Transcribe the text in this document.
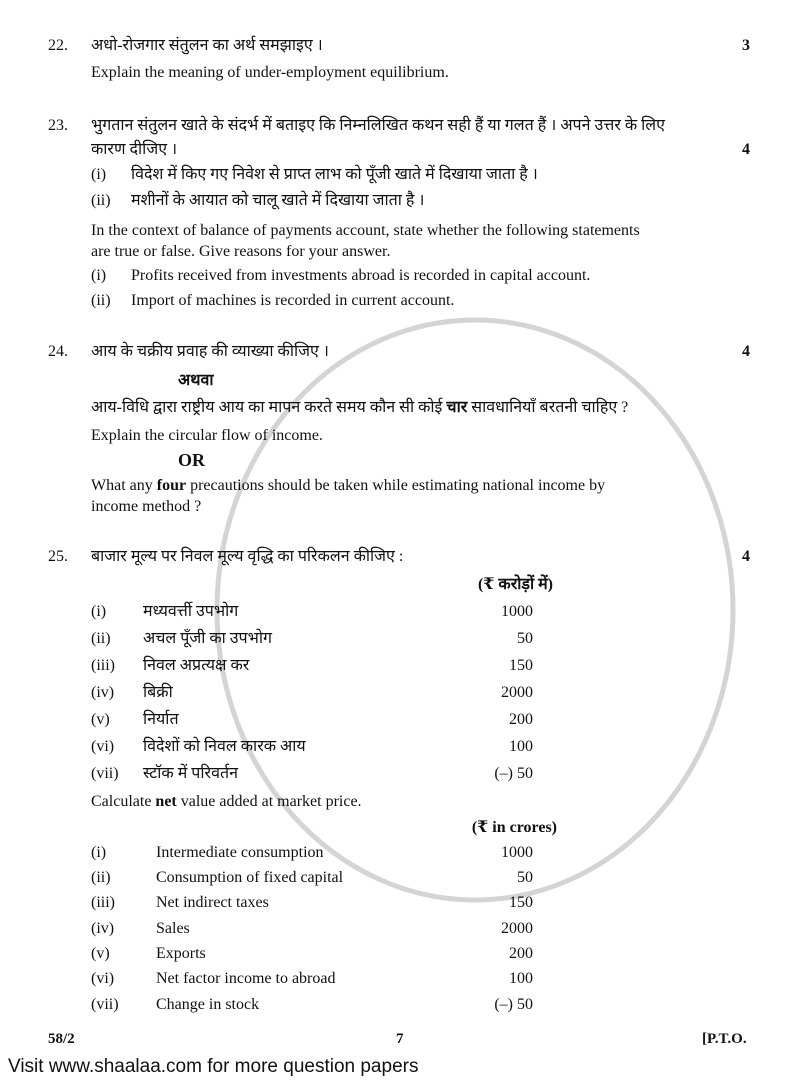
22. अधो-रोजगार संतुलन का अर्थ समझाइए ।	3
Explain the meaning of under-employment equilibrium.
23. भुगतान संतुलन खाते के संदर्भ में बताइए कि निम्नलिखित कथन सही हैं या गलत हैं । अपने उत्तर के लिए
कारण दीजिए ।	4
(i) विदेश में किए गए निवेश से प्राप्त लाभ को पूँजी खाते में दिखाया जाता है ।
(ii) मशीनों के आयात को चालू खाते में दिखाया जाता है ।
In the context of balance of payments account, state whether the following statements
are true or false. Give reasons for your answer.
(i) Profits received from investments abroad is recorded in capital account.
(ii) Import of machines is recorded in current account.
24. आय के चक्रीय प्रवाह की व्याख्या कीजिए ।	4
अथवा
आय-विधि द्वारा राष्ट्रीय आय का मापन करते समय कौन सी कोई चार सावधानियाँ बरतनी चाहिए ?
Explain the circular flow of income.
OR
What any four precautions should be taken while estimating national income by
income method ?
25. बाजार मूल्य पर निवल मूल्य वृद्धि का परिकलन कीजिए :	4
(₹ करोड़ों में)
(i) मध्यवर्त्ती उपभोग	1000
(ii) अचल पूँजी का उपभोग	50
(iii) निवल अप्रत्यक्ष कर	150
(iv) बिक्री	2000
(v) निर्यात	200
(vi) विदेशों को निवल कारक आय	100
(vii) स्टॉक में परिवर्तन	(–) 50
Calculate net value added at market price.
(₹ in crores)
(i)	Intermediate consumption	1000
(ii)	Consumption of fixed capital	50
(iii)	Net indirect taxes	150
(iv)	Sales	2000
(v)	Exports	200
(vi)	Net factor income to abroad	100
(vii) Change in stock	(–) 50
58/2	7	[P.T.O.
Visit www.shaalaa.com for more question papers
